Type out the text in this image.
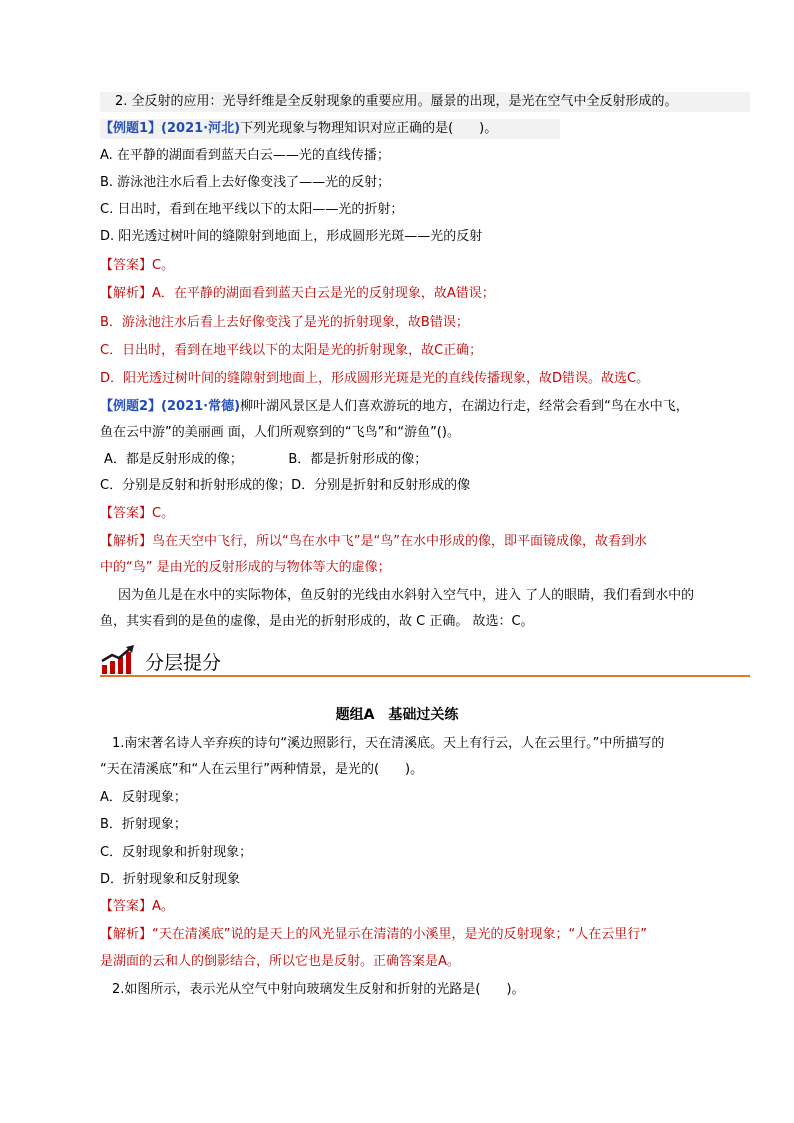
2. 全反射的应用：光导纤维是全反射现象的重要应用。蜃景的出现，是光在空气中全反射形成的。
【例题1】(2021·河北)下列光现象与物理知识对应正确的是(　　)。
A. 在平静的湖面看到蓝天白云——光的直线传播；
B. 游泳池注水后看上去好像变浅了——光的反射；
C. 日出时，看到在地平线以下的太阳——光的折射；
D. 阳光透过树叶间的缝隙射到地面上，形成圆形光斑——光的反射
【答案】C。
【解析】A．在平静的湖面看到蓝天白云是光的反射现象，故A错误；
B．游泳池注水后看上去好像变浅了是光的折射现象，故B错误；
C．日出时，看到在地平线以下的太阳是光的折射现象，故C正确；
D．阳光透过树叶间的缝隙射到地面上，形成圆形光斑是光的直线传播现象，故D错误。故选C。
【例题2】(2021·常德)柳叶湖风景区是人们喜欢游玩的地方，在湖边行走，经常会看到“鸟在水中飞，
鱼在云中游”的美丽画 面，人们所观察到的“飞鸟”和“游鱼”()。
A．都是反射形成的像；　　　　B．都是折射形成的像；
C．分别是反射和折射形成的像；D．分别是折射和反射形成的像
【答案】C。
【解析】鸟在天空中飞行，所以“鸟在水中飞”是“鸟”在水中形成的像，即平面镜成像，故看到水
中的“鸟” 是由光的反射形成的与物体等大的虚像；
因为鱼儿是在水中的实际物体，鱼反射的光线由水斜射入空气中，进入 了人的眼睛，我们看到水中的
鱼，其实看到的是鱼的虚像，是由光的折射形成的，故 C 正确。 故选：C。
分层提分
题组A　基础过关练
1.南宋著名诗人辛弃疾的诗句“溪边照影行，天在清溪底。天上有行云，人在云里行。”中所描写的
“天在清溪底”和“人在云里行”两种情景，是光的(　　)。
A．反射现象；
B．折射现象；
C．反射现象和折射现象；
D．折射现象和反射现象
【答案】A。
【解析】“天在清溪底”说的是天上的风光显示在清清的小溪里，是光的反射现象；“人在云里行”
是湖面的云和人的倒影结合，所以它也是反射。正确答案是A。
2.如图所示，表示光从空气中射向玻璃发生反射和折射的光路是(　　)。
